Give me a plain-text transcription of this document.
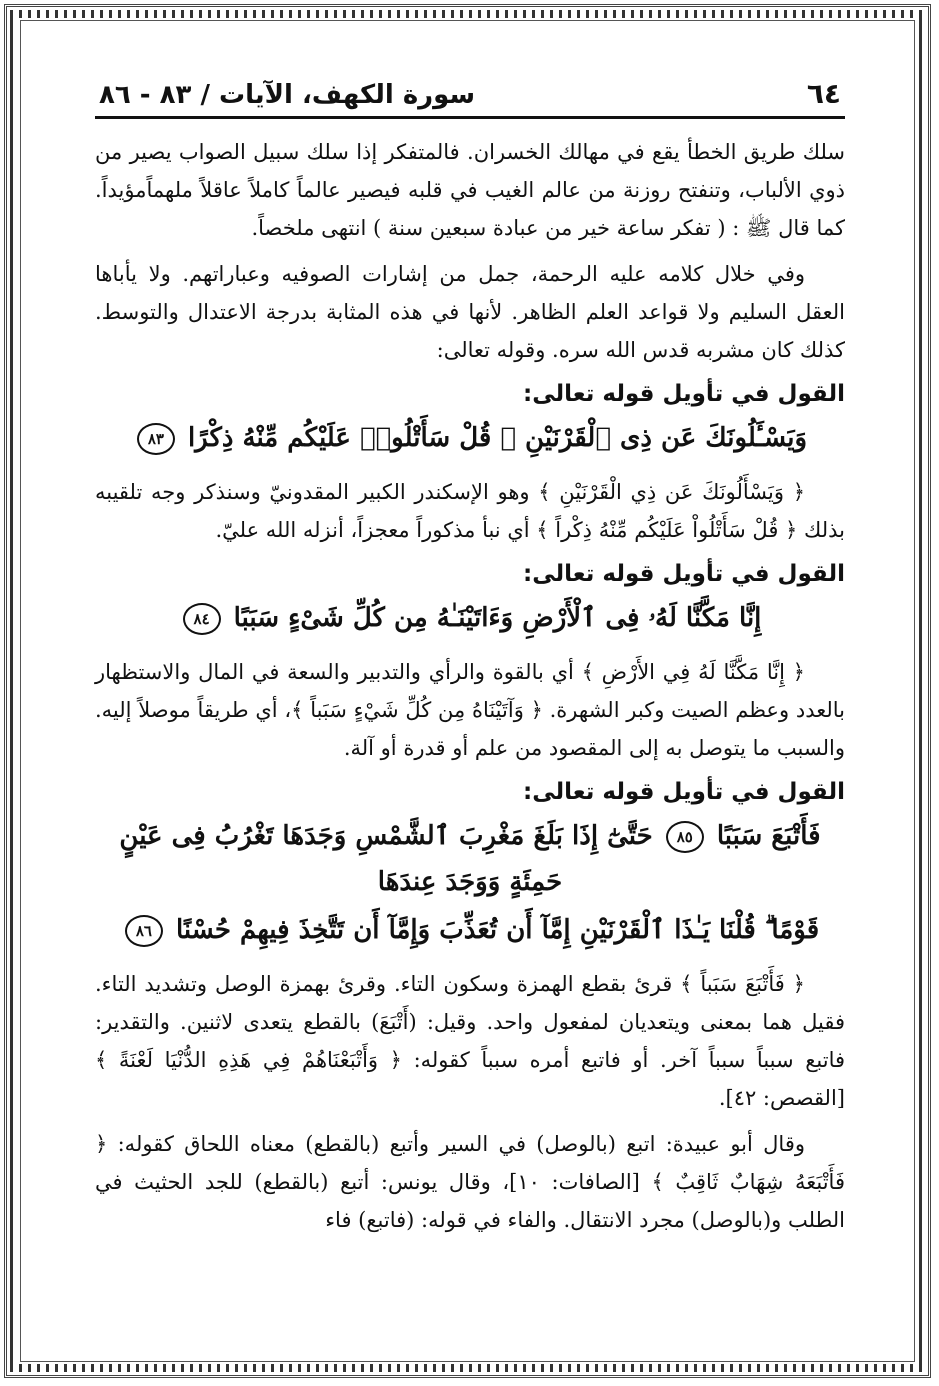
٦٤
سورة الكهف، الآيات / ٨٣ - ٨٦

سلك طريق الخطأ يقع في مهالك الخسران. فالمتفكر إذا سلك سبيل الصواب يصير من ذوي الألباب، وتنفتح روزنة من عالم الغيب في قلبه فيصير عالماً كاملاً عاقلاً ملهماًمؤيداً. كما قال ﷺ : ( تفكر ساعة خير من عبادة سبعين سنة ) انتهى ملخصاً.

وفي خلال كلامه عليه الرحمة، جمل من إشارات الصوفيه وعباراتهم. ولا يأباها العقل السليم ولا قواعد العلم الظاهر. لأنها في هذه المثابة بدرجة الاعتدال والتوسط. كذلك كان مشربه قدس الله سره. وقوله تعالى:

القول في تأويل قوله تعالى:
وَيَسْـَٔلُونَكَ عَن ذِى ٱلْقَرْنَيْنِ ۖ قُلْ سَأَتْلُوا۟ عَلَيْكُم مِّنْهُ ذِكْرًا ٨٣

﴿ وَيَسْأَلُونَكَ عَن ذِي الْقَرْنَيْنِ ﴾ وهو الإسكندر الكبير المقدونيّ وسنذكر وجه تلقيبه بذلك ﴿ قُلْ سَأَتْلُواْ عَلَيْكُم مِّنْهُ ذِكْراً ﴾ أي نبأ مذكوراً معجزاً، أنزله الله عليّ.

القول في تأويل قوله تعالى:
إِنَّا مَكَّنَّا لَهُۥ فِى ٱلْأَرْضِ وَءَاتَيْنَـٰهُ مِن كُلِّ شَىْءٍ سَبَبًا ٨٤

﴿ إِنَّا مَكَّنَّا لَهُ فِي الأَرْضِ ﴾ أي بالقوة والرأي والتدبير والسعة في المال والاستظهار بالعدد وعظم الصيت وكبر الشهرة. ﴿ وَآتَيْنَاهُ مِن كُلِّ شَيْءٍ سَبَباً ﴾، أي طريقاً موصلاً إليه. والسبب ما يتوصل به إلى المقصود من علم أو قدرة أو آلة.

القول في تأويل قوله تعالى:
فَأَتْبَعَ سَبَبًا ٨٥ حَتَّىٰٓ إِذَا بَلَغَ مَغْرِبَ ٱلشَّمْسِ وَجَدَهَا تَغْرُبُ فِى عَيْنٍ حَمِئَةٍ وَوَجَدَ عِندَهَا
قَوْمًا ۗ قُلْنَا يَـٰذَا ٱلْقَرْنَيْنِ إِمَّآ أَن تُعَذِّبَ وَإِمَّآ أَن تَتَّخِذَ فِيهِمْ حُسْنًا ٨٦

﴿ فَأَتْبَعَ سَبَباً ﴾ قرئ بقطع الهمزة وسكون التاء. وقرئ بهمزة الوصل وتشديد التاء. فقيل هما بمعنى ويتعديان لمفعول واحد. وقيل: (أَتْبَعَ) بالقطع يتعدى لاثنين. والتقدير: فاتبع سبباً سبباً آخر. أو فاتبع أمره سبباً كقوله: ﴿ وَأَتْبَعْنَاهُمْ فِي هَذِهِ الدُّنْيَا لَعْنَةً ﴾ [القصص: ٤٢].

وقال أبو عبيدة: اتبع (بالوصل) في السير وأتبع (بالقطع) معناه اللحاق كقوله: ﴿ فَأَتْبَعَهُ شِهَابٌ ثَاقِبٌ ﴾ [الصافات: ١٠]، وقال يونس: أتبع (بالقطع) للجد الحثيث في الطلب و(بالوصل) مجرد الانتقال. والفاء في قوله: (فاتبع) فاء
